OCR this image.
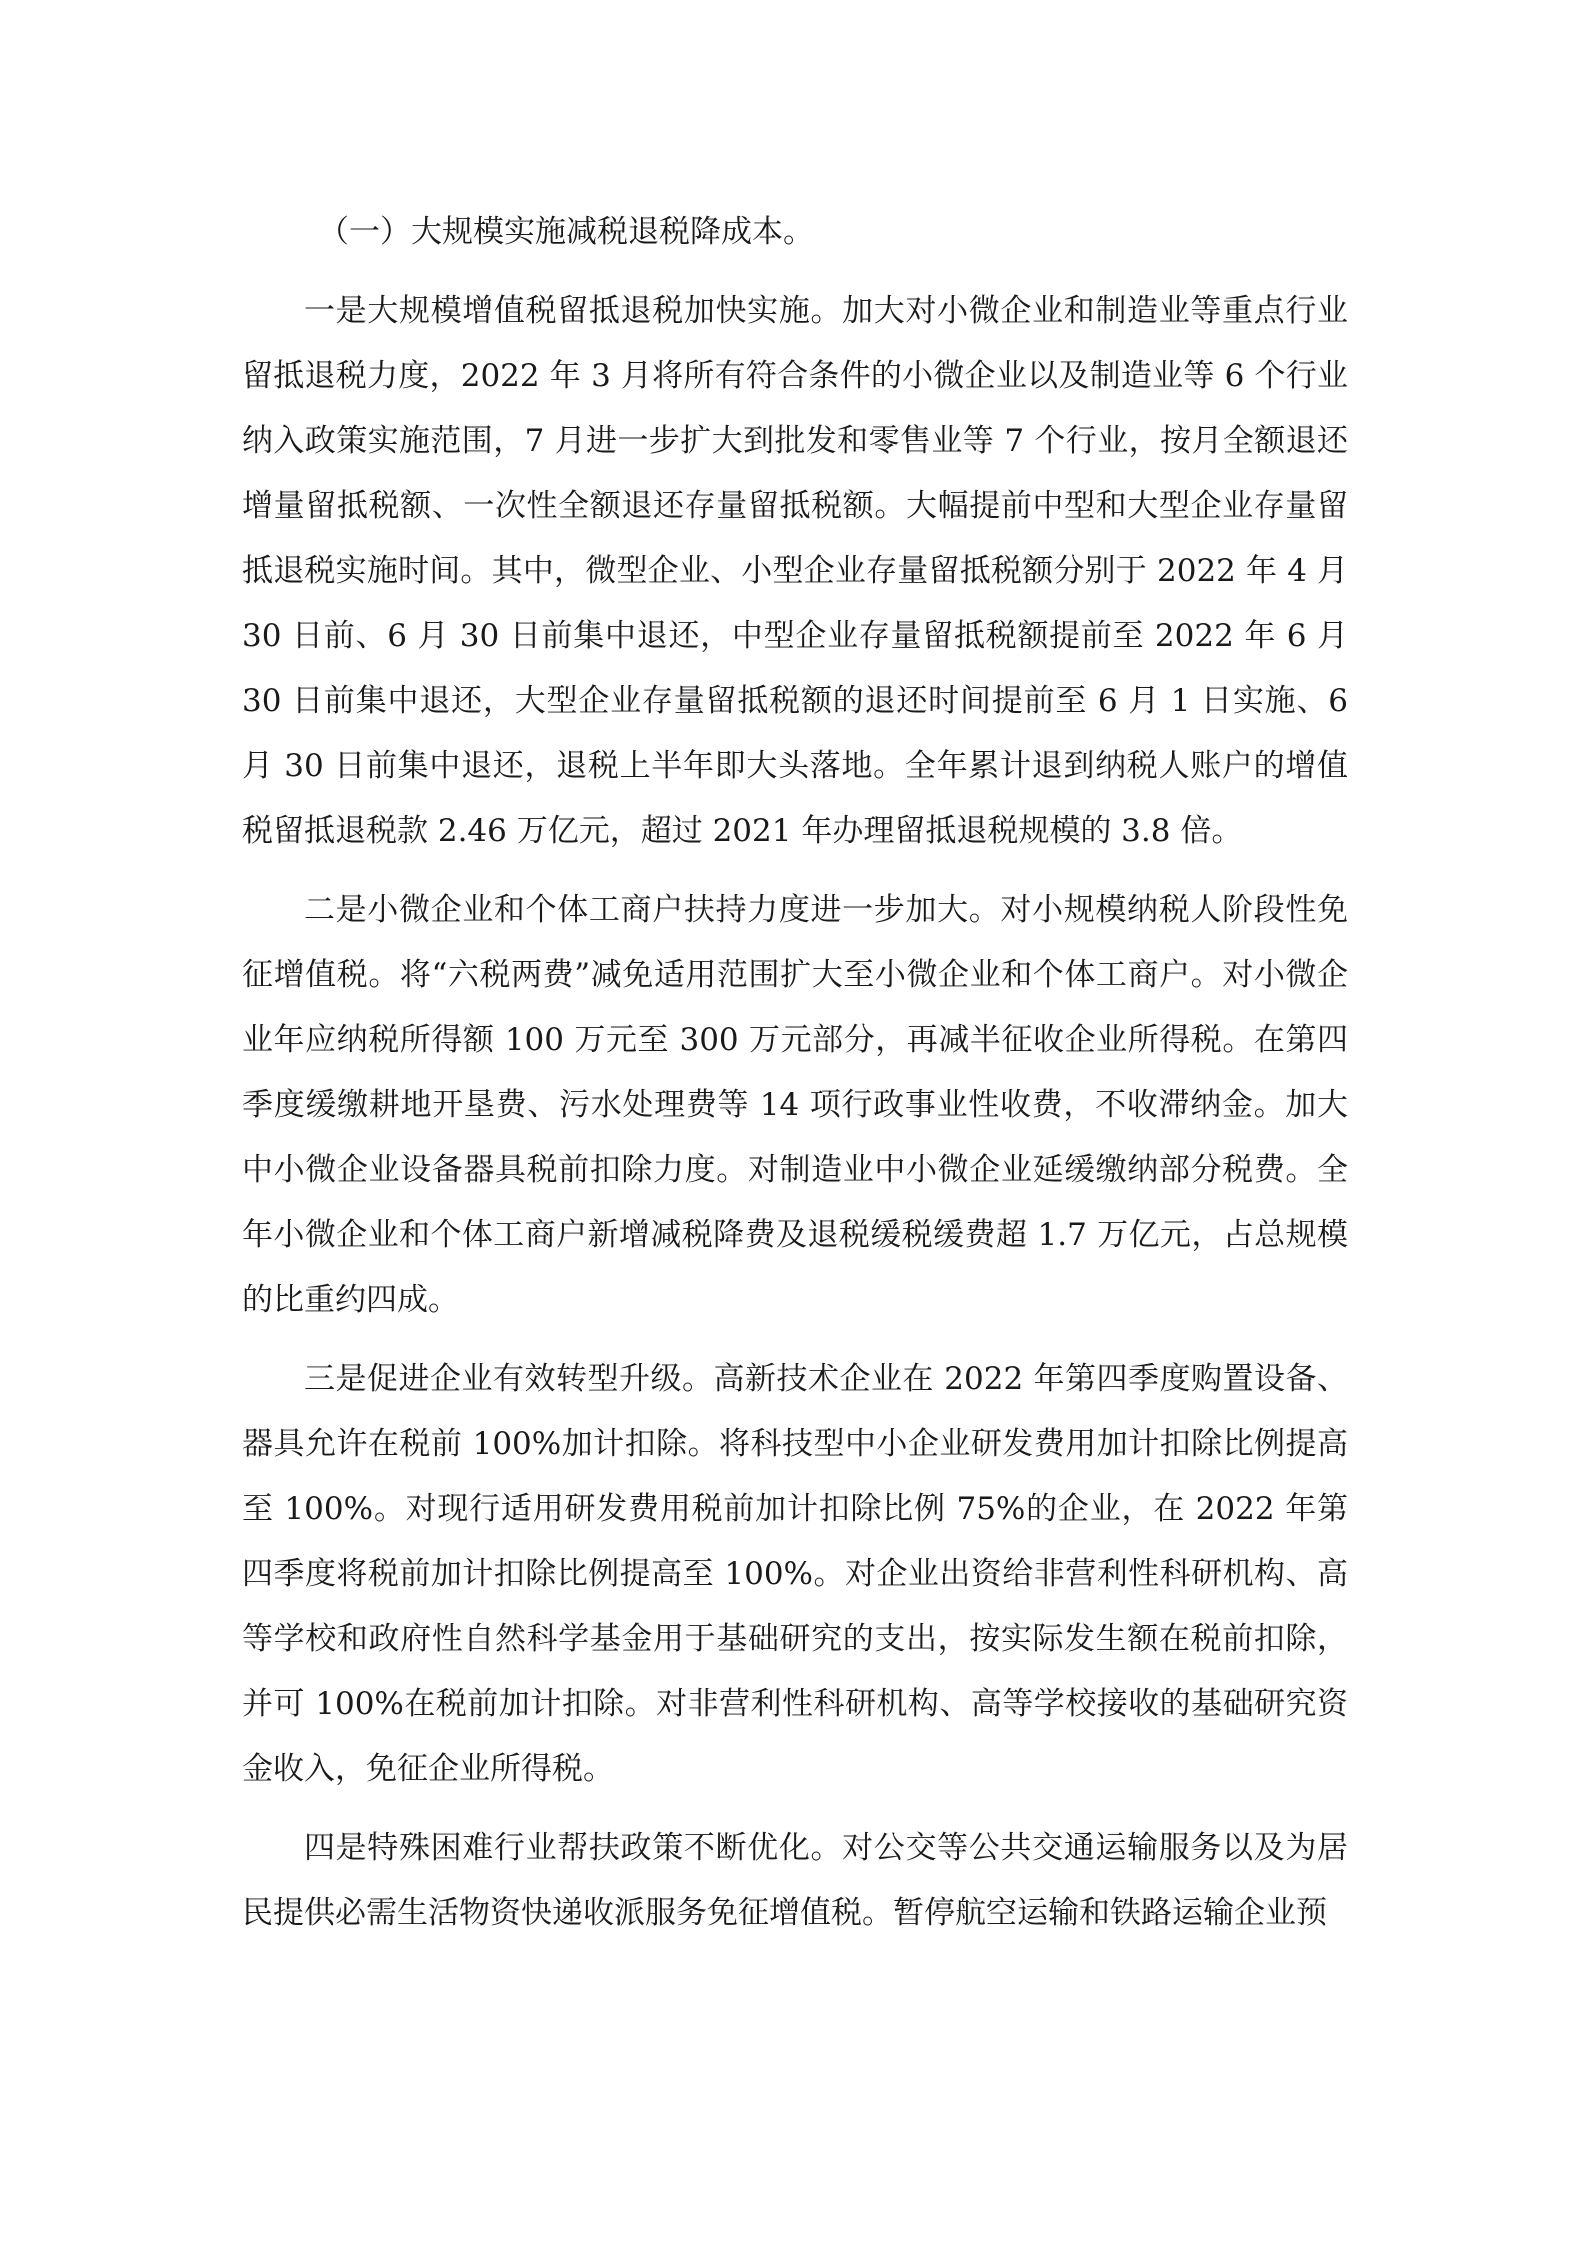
（一）大规模实施减税退税降成本。

一是大规模增值税留抵退税加快实施。加大对小微企业和制造业等重点行业留抵退税力度，2022 年 3 月将所有符合条件的小微企业以及制造业等 6 个行业纳入政策实施范围，7 月进一步扩大到批发和零售业等 7 个行业，按月全额退还增量留抵税额、一次性全额退还存量留抵税额。大幅提前中型和大型企业存量留抵退税实施时间。其中，微型企业、小型企业存量留抵税额分别于 2022 年 4 月 30 日前、6 月 30 日前集中退还，中型企业存量留抵税额提前至 2022 年 6 月 30 日前集中退还，大型企业存量留抵税额的退还时间提前至 6 月 1 日实施、6 月 30 日前集中退还，退税上半年即大头落地。全年累计退到纳税人账户的增值税留抵退税款 2.46 万亿元，超过 2021 年办理留抵退税规模的 3.8 倍。

二是小微企业和个体工商户扶持力度进一步加大。对小规模纳税人阶段性免征增值税。将“六税两费”减免适用范围扩大至小微企业和个体工商户。对小微企业年应纳税所得额 100 万元至 300 万元部分，再减半征收企业所得税。在第四季度缓缴耕地开垦费、污水处理费等 14 项行政事业性收费，不收滞纳金。加大中小微企业设备器具税前扣除力度。对制造业中小微企业延缓缴纳部分税费。全年小微企业和个体工商户新增减税降费及退税缓税缓费超 1.7 万亿元，占总规模的比重约四成。

三是促进企业有效转型升级。高新技术企业在 2022 年第四季度购置设备、器具允许在税前 100%加计扣除。将科技型中小企业研发费用加计扣除比例提高至 100%。对现行适用研发费用税前加计扣除比例 75%的企业，在 2022 年第四季度将税前加计扣除比例提高至 100%。对企业出资给非营利性科研机构、高等学校和政府性自然科学基金用于基础研究的支出，按实际发生额在税前扣除，并可 100%在税前加计扣除。对非营利性科研机构、高等学校接收的基础研究资金收入，免征企业所得税。

四是特殊困难行业帮扶政策不断优化。对公交等公共交通运输服务以及为居民提供必需生活物资快递收派服务免征增值税。暂停航空运输和铁路运输企业预
